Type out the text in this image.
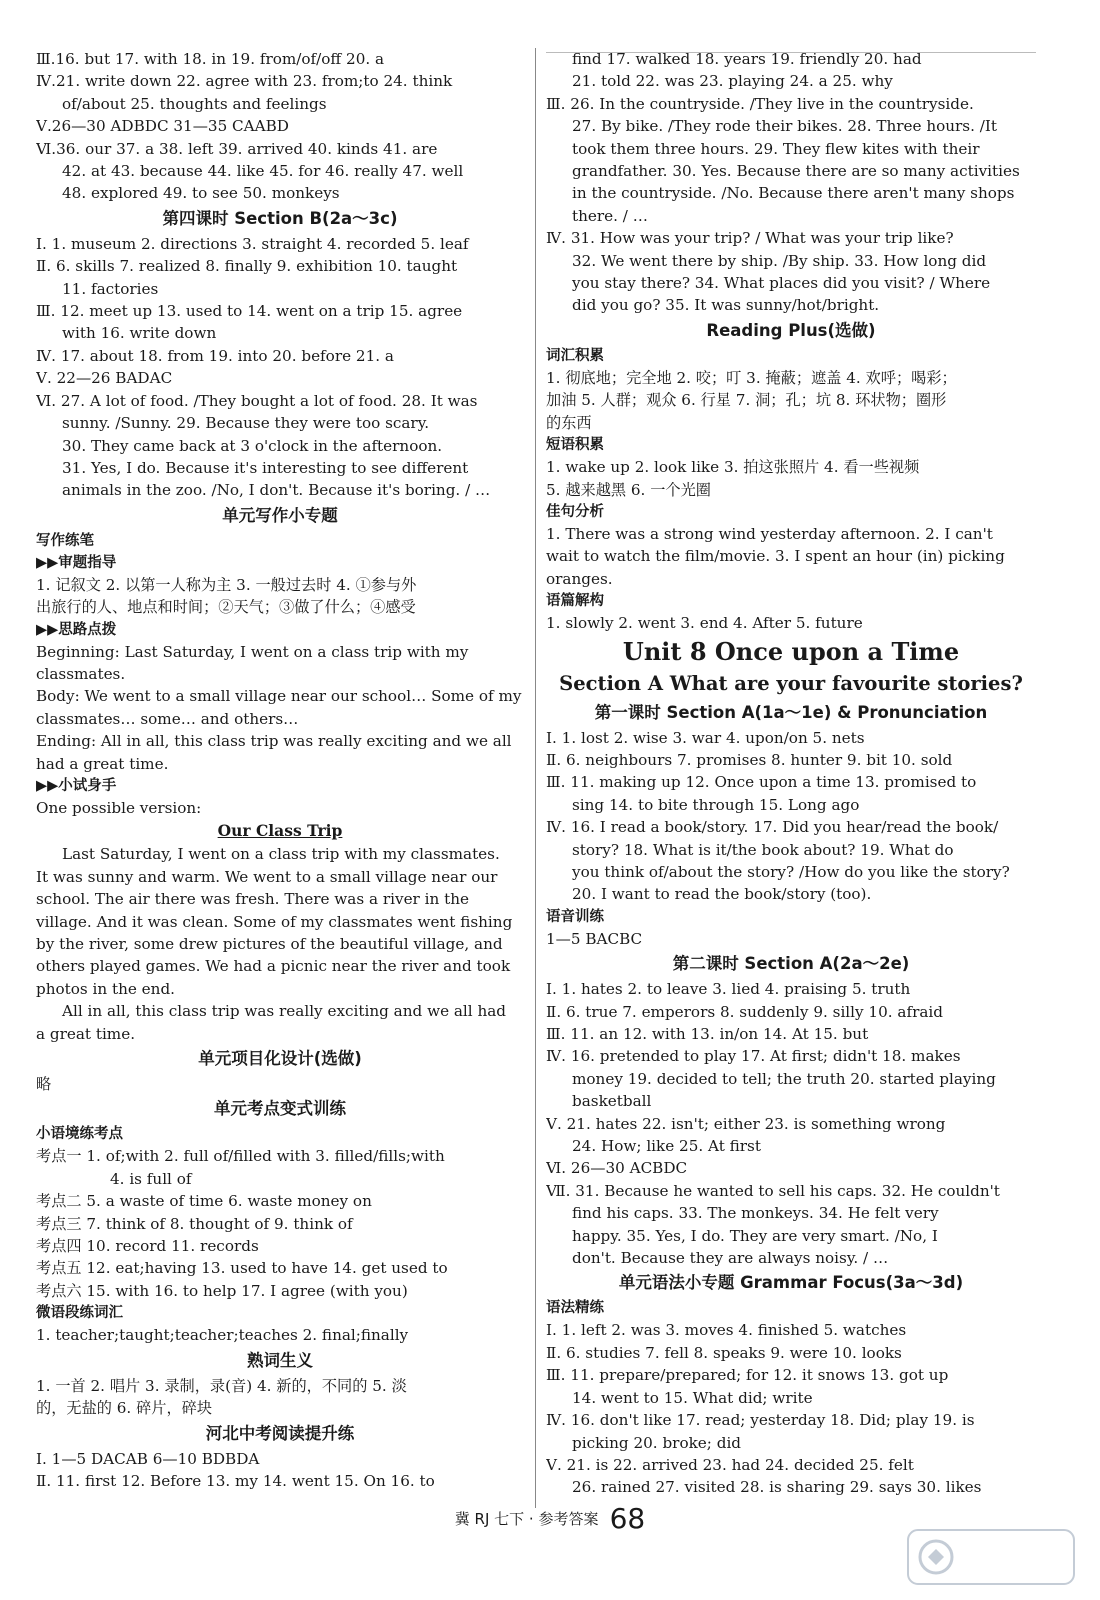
Ⅲ.16. but 17. with 18. in 19. from/of/off 20. a
Ⅳ.21. write down 22. agree with 23. from;to 24. think
of/about 25. thoughts and feelings
Ⅴ.26—30 ADBDC 31—35 CAABD
Ⅵ.36. our 37. a 38. left 39. arrived 40. kinds 41. are
42. at 43. because 44. like 45. for 46. really 47. well
48. explored 49. to see 50. monkeys
第四课时 Section B(2a～3c)
Ⅰ. 1. museum 2. directions 3. straight 4. recorded 5. leaf
Ⅱ. 6. skills 7. realized 8. finally 9. exhibition 10. taught
11. factories
Ⅲ. 12. meet up 13. used to 14. went on a trip 15. agree
with 16. write down
Ⅳ. 17. about 18. from 19. into 20. before 21. a
Ⅴ. 22—26 BADAC
Ⅵ. 27. A lot of food. /They bought a lot of food. 28. It was
sunny. /Sunny. 29. Because they were too scary.
30. They came back at 3 o'clock in the afternoon.
31. Yes, I do. Because it's interesting to see different
animals in the zoo. /No, I don't. Because it's boring. / …
单元写作小专题
写作练笔
▶▶审题指导
1. 记叙文 2. 以第一人称为主 3. 一般过去时 4. ①参与外
出旅行的人、地点和时间；②天气；③做了什么；④感受
▶▶思路点拨
Beginning: Last Saturday, I went on a class trip with my
classmates.
Body: We went to a small village near our school… Some of my
classmates… some… and others…
Ending: All in all, this class trip was really exciting and we all
had a great time.
▶▶小试身手
One possible version:
Our Class Trip
Last Saturday, I went on a class trip with my classmates.
It was sunny and warm. We went to a small village near our
school. The air there was fresh. There was a river in the
village. And it was clean. Some of my classmates went fishing
by the river, some drew pictures of the beautiful village, and
others played games. We had a picnic near the river and took
photos in the end.
All in all, this class trip was really exciting and we all had
a great time.
单元项目化设计(选做)
略
单元考点变式训练
小语境练考点
考点一 1. of;with 2. full of/filled with 3. filled/fills;with
4. is full of
考点二 5. a waste of time 6. waste money on
考点三 7. think of 8. thought of 9. think of
考点四 10. record 11. records
考点五 12. eat;having 13. used to have 14. get used to
考点六 15. with 16. to help 17. I agree (with you)
微语段练词汇
1. teacher;taught;teacher;teaches 2. final;finally
熟词生义
1. 一首 2. 唱片 3. 录制，录(音) 4. 新的，不同的 5. 淡
的，无盐的 6. 碎片，碎块
河北中考阅读提升练
Ⅰ. 1—5 DACAB 6—10 BDBDA
Ⅱ. 11. first 12. Before 13. my 14. went 15. On 16. to
find 17. walked 18. years 19. friendly 20. had
21. told 22. was 23. playing 24. a 25. why
Ⅲ. 26. In the countryside. /They live in the countryside.
27. By bike. /They rode their bikes. 28. Three hours. /It
took them three hours. 29. They flew kites with their
grandfather. 30. Yes. Because there are so many activities
in the countryside. /No. Because there aren't many shops
there. / …
Ⅳ. 31. How was your trip? / What was your trip like?
32. We went there by ship. /By ship. 33. How long did
you stay there? 34. What places did you visit? / Where
did you go? 35. It was sunny/hot/bright.
Reading Plus(选做)
词汇积累
1. 彻底地；完全地 2. 咬；叮 3. 掩蔽；遮盖 4. 欢呼；喝彩；
加油 5. 人群；观众 6. 行星 7. 洞；孔；坑 8. 环状物；圈形
的东西
短语积累
1. wake up 2. look like 3. 拍这张照片 4. 看一些视频
5. 越来越黑 6. 一个光圈
佳句分析
1. There was a strong wind yesterday afternoon. 2. I can't
wait to watch the film/movie. 3. I spent an hour (in) picking
oranges.
语篇解构
1. slowly 2. went 3. end 4. After 5. future
Unit 8 Once upon a Time
Section A What are your favourite stories?
第一课时 Section A(1a～1e) & Pronunciation
Ⅰ. 1. lost 2. wise 3. war 4. upon/on 5. nets
Ⅱ. 6. neighbours 7. promises 8. hunter 9. bit 10. sold
Ⅲ. 11. making up 12. Once upon a time 13. promised to
sing 14. to bite through 15. Long ago
Ⅳ. 16. I read a book/story. 17. Did you hear/read the book/
story? 18. What is it/the book about? 19. What do
you think of/about the story? /How do you like the story?
20. I want to read the book/story (too).
语音训练
1—5 BACBC
第二课时 Section A(2a～2e)
Ⅰ. 1. hates 2. to leave 3. lied 4. praising 5. truth
Ⅱ. 6. true 7. emperors 8. suddenly 9. silly 10. afraid
Ⅲ. 11. an 12. with 13. in/on 14. At 15. but
Ⅳ. 16. pretended to play 17. At first; didn't 18. makes
money 19. decided to tell; the truth 20. started playing
basketball
Ⅴ. 21. hates 22. isn't; either 23. is something wrong
24. How; like 25. At first
Ⅵ. 26—30 ACBDC
Ⅶ. 31. Because he wanted to sell his caps. 32. He couldn't
find his caps. 33. The monkeys. 34. He felt very
happy. 35. Yes, I do. They are very smart. /No, I
don't. Because they are always noisy. / …
单元语法小专题 Grammar Focus(3a～3d)
语法精练
Ⅰ. 1. left 2. was 3. moves 4. finished 5. watches
Ⅱ. 6. studies 7. fell 8. speaks 9. were 10. looks
Ⅲ. 11. prepare/prepared; for 12. it snows 13. got up
14. went to 15. What did; write
Ⅳ. 16. don't like 17. read; yesterday 18. Did; play 19. is
picking 20. broke; did
Ⅴ. 21. is 22. arrived 23. had 24. decided 25. felt
26. rained 27. visited 28. is sharing 29. says 30. likes
冀 RJ 七下 · 参考答案 68
